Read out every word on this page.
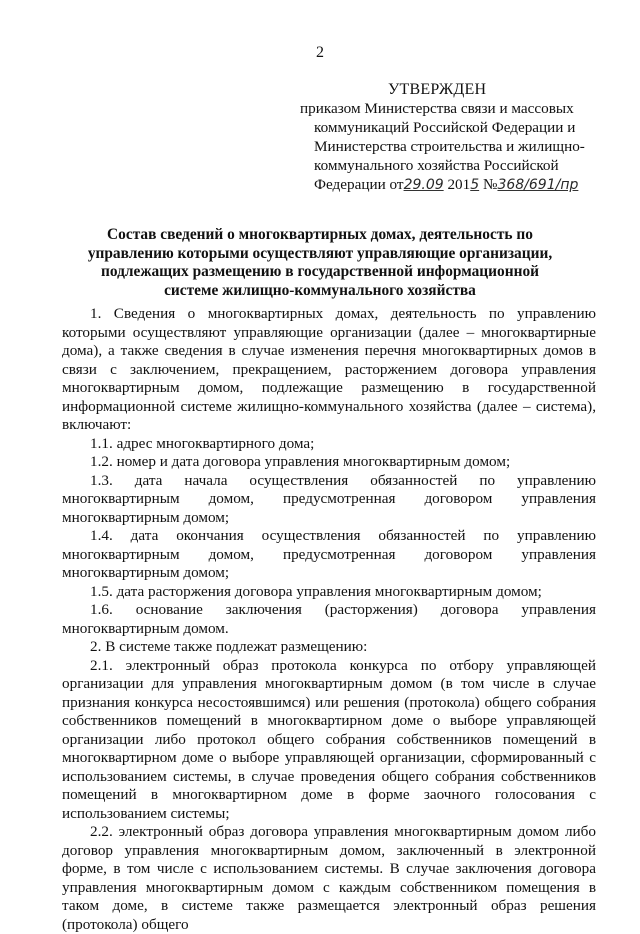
2
УТВЕРЖДЕН
приказом Министерства связи и массовых
коммуникаций Российской Федерации и
Министерства строительства и жилищно-
коммунального хозяйства Российской
Федерации от29.09 2015 №368/691/пр
Состав сведений о многоквартирных домах, деятельность по
управлению которыми осуществляют управляющие организации,
подлежащих размещению в государственной информационной
системе жилищно-коммунального хозяйства

1. Сведения о многоквартирных домах, деятельность по управлению которыми осуществляют управляющие организации (далее – многоквартирные дома), а также сведения в случае изменения перечня многоквартирных домов в связи с заключением, прекращением, расторжением договора управления многоквартирным домом, подлежащие размещению в государственной информационной системе жилищно-коммунального хозяйства (далее – система), включают:

1.1. адрес многоквартирного дома;

1.2. номер и дата договора управления многоквартирным домом;

1.3. дата начала осуществления обязанностей по управлению многоквартирным домом, предусмотренная договором управления многоквартирным домом;

1.4. дата окончания осуществления обязанностей по управлению многоквартирным домом, предусмотренная договором управления многоквартирным домом;

1.5. дата расторжения договора управления многоквартирным домом;

1.6. основание заключения (расторжения) договора управления многоквартирным домом.

2. В системе также подлежат размещению:

2.1. электронный образ протокола конкурса по отбору управляющей организации для управления многоквартирным домом (в том числе в случае признания конкурса несостоявшимся) или решения (протокола) общего собрания собственников помещений в многоквартирном доме о выборе управляющей организации либо протокол общего собрания собственников помещений в многоквартирном доме о выборе управляющей организации, сформированный с использованием системы, в случае проведения общего собрания собственников помещений в многоквартирном доме в форме заочного голосования с использованием системы;

2.2. электронный образ договора управления многоквартирным домом либо договор управления многоквартирным домом, заключенный в электронной форме, в том числе с использованием системы. В случае заключения договора управления многоквартирным домом с каждым собственником помещения в таком доме, в системе также размещается электронный образ решения (протокола) общего
